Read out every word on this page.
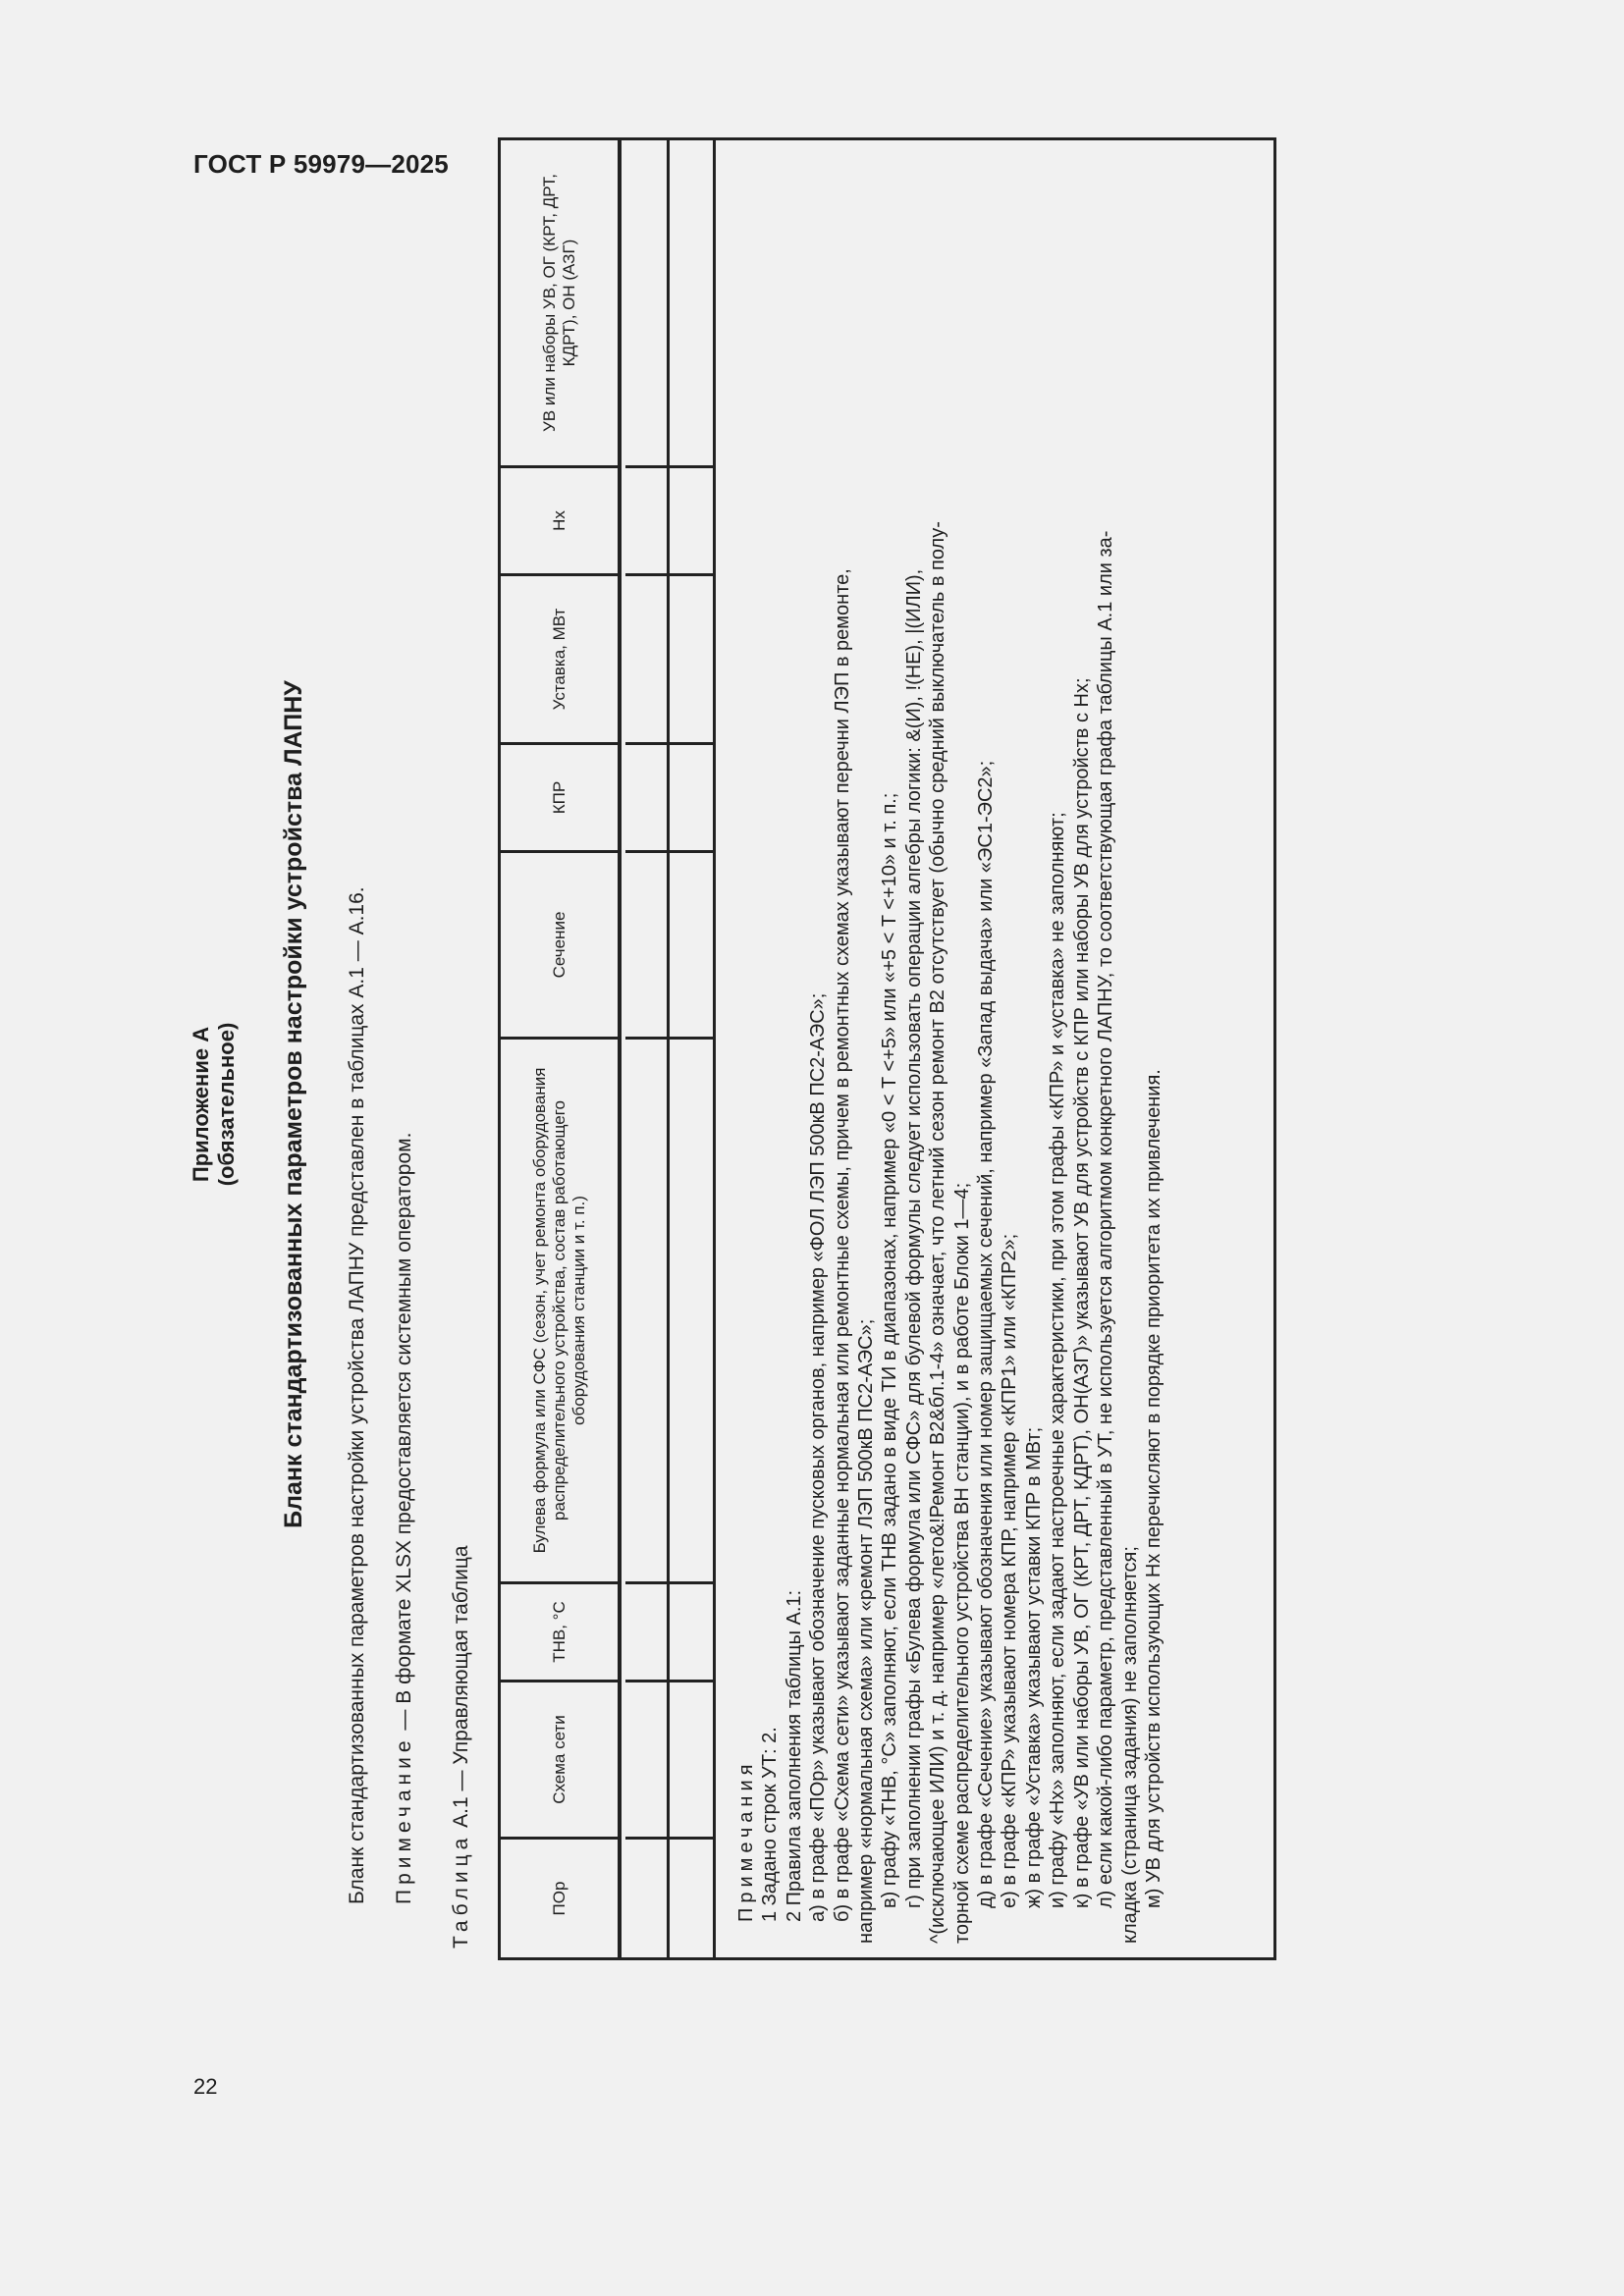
ГОСТ Р 59979—2025
22
Приложение А (обязательное) Бланк стандартизованных параметров настройки устройства ЛАПНУ Бланк стандартизованных параметров настройки устройства ЛАПНУ представлен в таблицах А.1 — А.16. Примечание — В формате XLSX предоставляется системным оператором.
Таблица А.1 — Управляющая таблица
ПОр
Схема сети
ТНВ, °С
Булева формула или СФС (сезон, учет ремонта оборудования распределительного устройства, состав работающего оборудования станции и т. п.)
Сечение
КПР
Уставка, МВт
Нх
УВ или наборы УВ, ОГ (КРТ, ДРТ, КДРТ), ОН (АЗГ)

Примечания 1 Задано строк УТ: 2. 2 Правила заполнения таблицы А.1: а) в графе «ПОр» указывают обозначение пусковых органов, например «ФОЛ ЛЭП 500кВ ПС2-АЭС»; б) в графе «Схема сети» указывают заданные нормальная или ремонтные схемы, причем в ремонтных схемах указывают перечни ЛЭП в ремонте, например «нормальная схема» или «ремонт ЛЭП 500кВ ПС2-АЭС»; в) графу «ТНВ, °С» заполняют, если ТНВ задано в виде ТИ в диапазонах, например «0 < T <+5» или «+5 < T <+10» и т. п.; г) при заполнении графы «Булева формула или СФС» для булевой формулы следует использовать операции алгебры логики: &(И), !(НЕ), |(ИЛИ), ^(исключающее ИЛИ) и т. д. например «лето&!Ремонт В2&бл.1-4» означает, что летний сезон ремонт В2 отсутствует (обычно средний выключатель в полу- торной схеме распределительного устройства ВН станции), и в работе Блоки 1—4; д) в графе «Сечение» указывают обозначения или номер защищаемых сечений, например «Запад выдача» или «ЭС1-ЭС2»; е) в графе «КПР» указывают номера КПР, например «КПР1» или «КПР2»; ж) в графе «Уставка» указывают уставки КПР в МВт; и) графу «Нх» заполняют, если задают настроечные характеристики, при этом графы «КПР» и «уставка» не заполняют; к) в графе «УВ или наборы УВ, ОГ (КРТ, ДРТ, КДРТ), ОН(АЗГ)» указывают УВ для устройств с КПР или наборы УВ для устройств с Нх; л) если какой-либо параметр, представленный в УТ, не используется алгоритмом конкретного ЛАПНУ, то соответствующая графа таблицы А.1 или за- кладка (страница задания) не заполняется; м) УВ для устройств использующих Нх перечисляют в порядке приоритета их привлечения.
